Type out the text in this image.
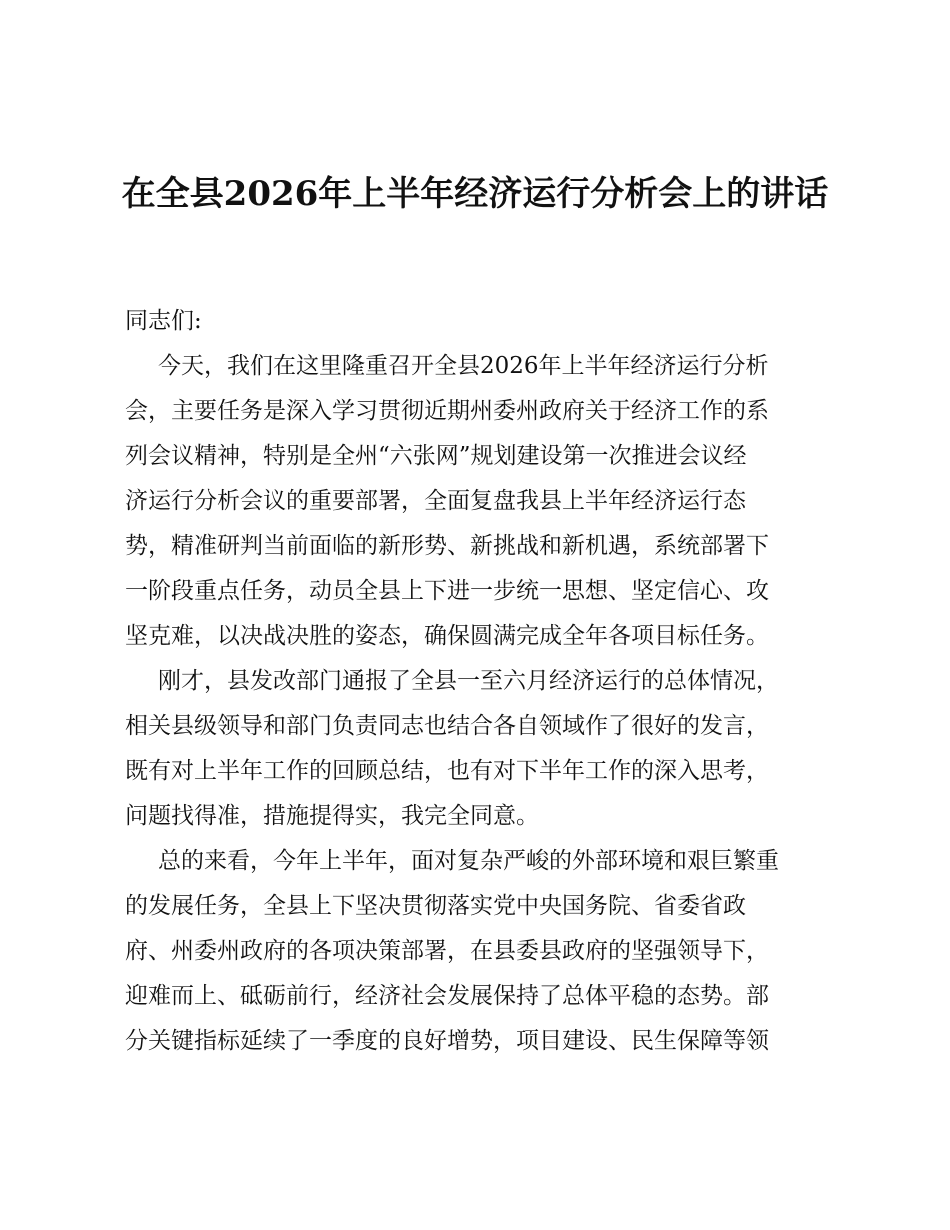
在全县2026年上半年经济运行分析会上的讲话
同志们:
今天，我们在这里隆重召开全县2026年上半年经济运行分析
会，主要任务是深入学习贯彻近期州委州政府关于经济工作的系
列会议精神，特别是全州“六张网”规划建设第一次推进会议经
济运行分析会议的重要部署，全面复盘我县上半年经济运行态
势，精准研判当前面临的新形势、新挑战和新机遇，系统部署下
一阶段重点任务，动员全县上下进一步统一思想、坚定信心、攻
坚克难，以决战决胜的姿态，确保圆满完成全年各项目标任务。
刚才，县发改部门通报了全县一至六月经济运行的总体情况，
相关县级领导和部门负责同志也结合各自领域作了很好的发言，
既有对上半年工作的回顾总结，也有对下半年工作的深入思考，
问题找得准，措施提得实，我完全同意。
总的来看，今年上半年，面对复杂严峻的外部环境和艰巨繁重
的发展任务，全县上下坚决贯彻落实党中央国务院、省委省政
府、州委州政府的各项决策部署，在县委县政府的坚强领导下，
迎难而上、砥砺前行，经济社会发展保持了总体平稳的态势。部
分关键指标延续了一季度的良好增势，项目建设、民生保障等领
